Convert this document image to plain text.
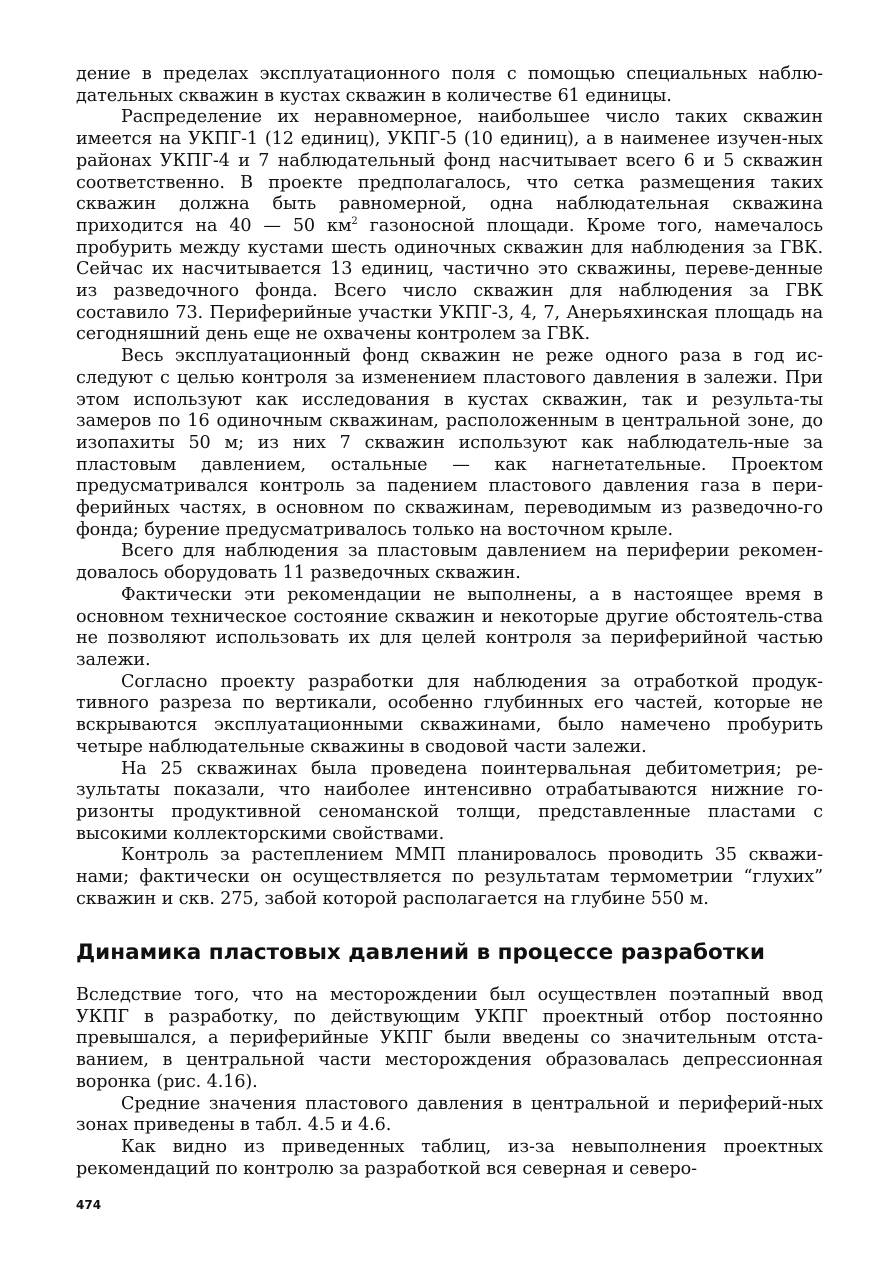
дение в пределах эксплуатационного поля с помощью специальных наблю-дательных скважин в кустах скважин в количестве 61 единицы.

Распределение их неравномерное, наибольшее число таких скважин имеется на УКПГ-1 (12 единиц), УКПГ-5 (10 единиц), а в наименее изучен-ных районах УКПГ-4 и 7 наблюдательный фонд насчитывает всего 6 и 5 скважин соответственно. В проекте предполагалось, что сетка размещения таких скважин должна быть равномерной, одна наблюдательная скважина приходится на 40 — 50 $км^2$ газоносной площади. Кроме того, намечалось пробурить между кустами шесть одиночных скважин для наблюдения за ГВК. Сейчас их насчитывается 13 единиц, частично это скважины, переве-денные из разведочного фонда. Всего число скважин для наблюдения за ГВК составило 73. Периферийные участки УКПГ-3, 4, 7, Анерьяхинская площадь на сегодняшний день еще не охвачены контролем за ГВК.

Весь эксплуатационный фонд скважин не реже одного раза в год ис-следуют с целью контроля за изменением пластового давления в залежи. При этом используют как исследования в кустах скважин, так и результа-ты замеров по 16 одиночным скважинам, расположенным в центральной зоне, до изопахиты 50 м; из них 7 скважин используют как наблюдатель-ные за пластовым давлением, остальные — как нагнетательные. Проектом предусматривался контроль за падением пластового давления газа в пери-ферийных частях, в основном по скважинам, переводимым из разведочно-го фонда; бурение предусматривалось только на восточном крыле.

Всего для наблюдения за пластовым давлением на периферии рекомен-довалось оборудовать 11 разведочных скважин.

Фактически эти рекомендации не выполнены, а в настоящее время в основном техническое состояние скважин и некоторые другие обстоятель-ства не позволяют использовать их для целей контроля за периферийной частью залежи.

Согласно проекту разработки для наблюдения за отработкой продук-тивного разреза по вертикали, особенно глубинных его частей, которые не вскрываются эксплуатационными скважинами, было намечено пробурить четыре наблюдательные скважины в сводовой части залежи.

На 25 скважинах была проведена поинтервальная дебитометрия; ре-зультаты показали, что наиболее интенсивно отрабатываются нижние го-ризонты продуктивной сеноманской толщи, представленные пластами с высокими коллекторскими свойствами.

Контроль за растеплением ММП планировалось проводить 35 скважи-нами; фактически он осуществляется по результатам термометрии “глухих” скважин и скв. 275, забой которой располагается на глубине 550 м.

Динамика пластовых давлений в процессе разработки

Вследствие того, что на месторождении был осуществлен поэтапный ввод УКПГ в разработку, по действующим УКПГ проектный отбор постоянно превышался, а периферийные УКПГ были введены со значительным отста-ванием, в центральной части месторождения образовалась депрессионная воронка (рис. 4.16).

Средние значения пластового давления в центральной и периферий-ных зонах приведены в табл. 4.5 и 4.6.

Как видно из приведенных таблиц, из-за невыполнения проектных рекомендаций по контролю за разработкой вся северная и северо-

474
